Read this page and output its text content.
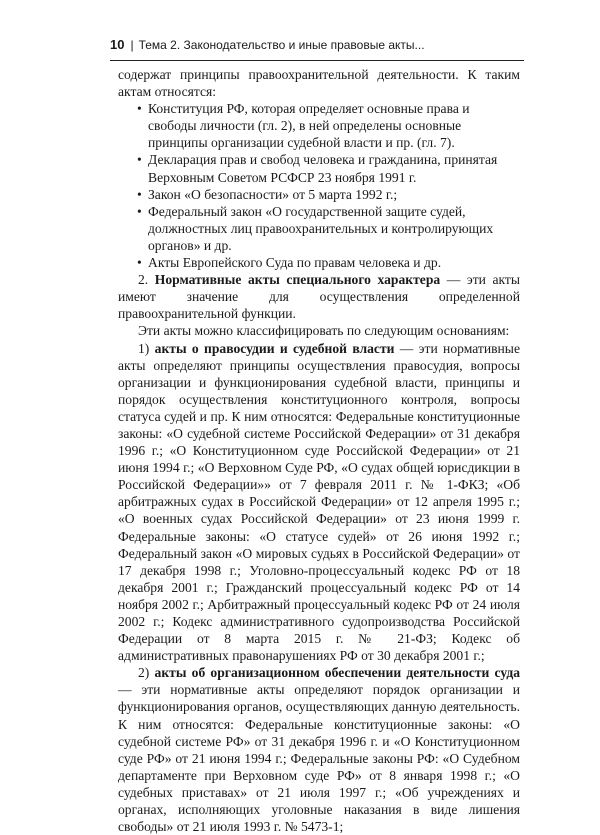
10 | Тема 2. Законодательство и иные правовые акты...

содержат принципы правоохранительной деятельности. К таким актам относятся:

• Конституция РФ, которая определяет основные права и свободы личности (гл. 2), в ней определены основные принципы организации судебной власти и пр. (гл. 7).
• Декларация прав и свобод человека и гражданина, принятая Верховным Советом РСФСР 23 ноября 1991 г.
• Закон «О безопасности» от 5 марта 1992 г.;
• Федеральный закон «О государственной защите судей, должностных лиц правоохранительных и контролирующих органов» и др.
• Акты Европейского Суда по правам человека и др.

2. Нормативные акты специального характера — эти акты имеют значение для осуществления определенной правоохранительной функции.

Эти акты можно классифицировать по следующим основаниям:

1) акты о правосудии и судебной власти — эти нормативные акты определяют принципы осуществления правосудия, вопросы организации и функционирования судебной власти, принципы и порядок осуществления конституционного контроля, вопросы статуса судей и пр. К ним относятся: Федеральные конституционные законы: «О судебной системе Российской Федерации» от 31 декабря 1996 г.; «О Конституционном суде Российской Федерации» от 21 июня 1994 г.; «О Верховном Суде РФ, «О судах общей юрисдикции в Российской Федерации»» от 7 февраля 2011 г. № 1-ФКЗ; «Об арбитражных судах в Российской Федерации» от 12 апреля 1995 г.; «О военных судах Российской Федерации» от 23 июня 1999 г. Федеральные законы: «О статусе судей» от 26 июня 1992 г.; Федеральный закон «О мировых судьях в Российской Федерации» от 17 декабря 1998 г.; Уголовно-процессуальный кодекс РФ от 18 декабря 2001 г.; Гражданский процессуальный кодекс РФ от 14 ноября 2002 г.; Арбитражный процессуальный кодекс РФ от 24 июля 2002 г.; Кодекс административного судопроизводства Российской Федерации от 8 марта 2015 г. № 21-ФЗ; Кодекс об административных правонарушениях РФ от 30 декабря 2001 г.;

2) акты об организационном обеспечении деятельности суда — эти нормативные акты определяют порядок организации и функционирования органов, осуществляющих данную деятельность. К ним относятся: Федеральные конституционные законы: «О судебной системе РФ» от 31 декабря 1996 г. и «О Конституционном суде РФ» от 21 июня 1994 г.; Федеральные законы РФ: «О Судебном департаменте при Верховном суде РФ» от 8 января 1998 г.; «О судебных приставах» от 21 июля 1997 г.; «Об учреждениях и органах, исполняющих уголовные наказания в виде лишения свободы» от 21 июля 1993 г. № 5473-1;
